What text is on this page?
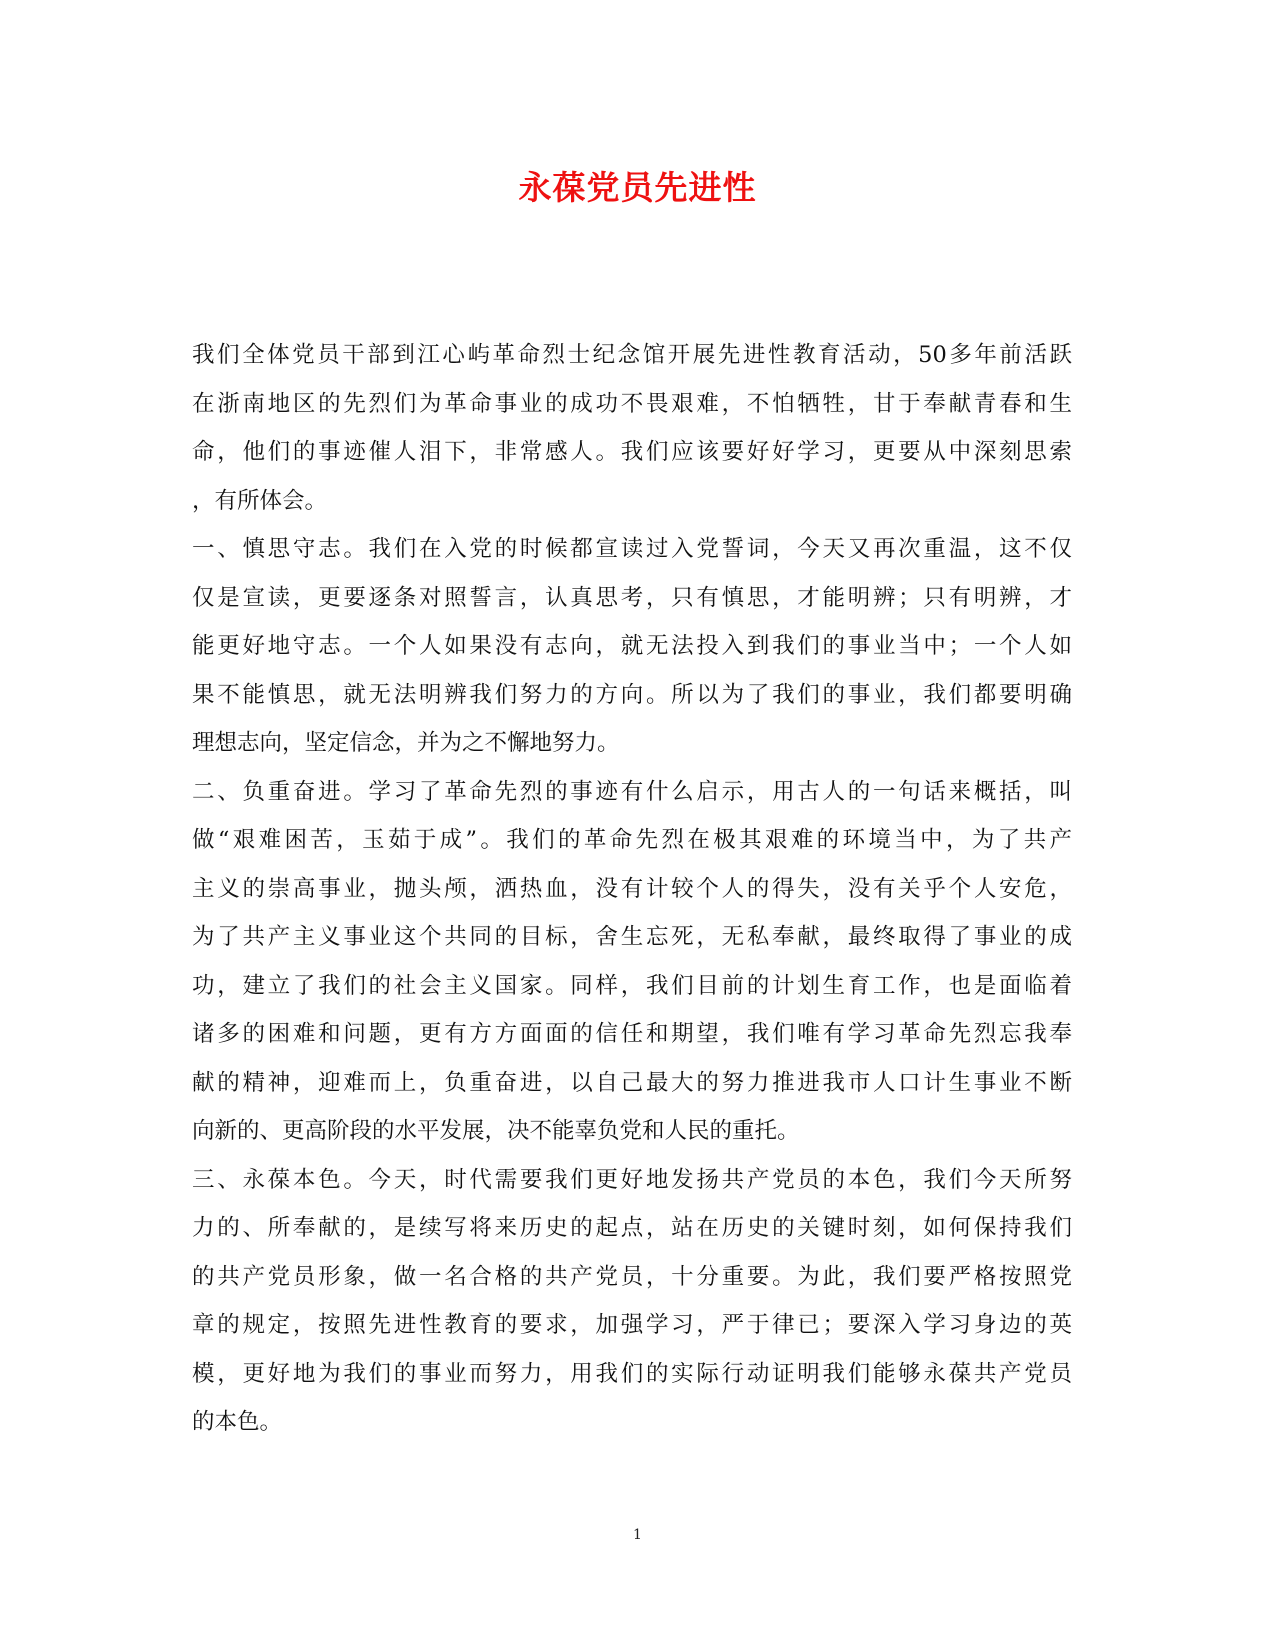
永葆党员先进性
我们全体党员干部到江心屿革命烈士纪念馆开展先进性教育活动，50多年前活跃
在浙南地区的先烈们为革命事业的成功不畏艰难，不怕牺牲，甘于奉献青春和生
命，他们的事迹催人泪下，非常感人。我们应该要好好学习，更要从中深刻思索
，有所体会。
一、慎思守志。我们在入党的时候都宣读过入党誓词，今天又再次重温，这不仅
仅是宣读，更要逐条对照誓言，认真思考，只有慎思，才能明辨；只有明辨，才
能更好地守志。一个人如果没有志向，就无法投入到我们的事业当中；一个人如
果不能慎思，就无法明辨我们努力的方向。所以为了我们的事业，我们都要明确
理想志向，坚定信念，并为之不懈地努力。
二、负重奋进。学习了革命先烈的事迹有什么启示，用古人的一句话来概括，叫
做“艰难困苦，玉茹于成”。我们的革命先烈在极其艰难的环境当中，为了共产
主义的崇高事业，抛头颅，洒热血，没有计较个人的得失，没有关乎个人安危，
为了共产主义事业这个共同的目标，舍生忘死，无私奉献，最终取得了事业的成
功，建立了我们的社会主义国家。同样，我们目前的计划生育工作，也是面临着
诸多的困难和问题，更有方方面面的信任和期望，我们唯有学习革命先烈忘我奉
献的精神，迎难而上，负重奋进，以自己最大的努力推进我市人口计生事业不断
向新的、更高阶段的水平发展，决不能辜负党和人民的重托。
三、永葆本色。今天，时代需要我们更好地发扬共产党员的本色，我们今天所努
力的、所奉献的，是续写将来历史的起点，站在历史的关键时刻，如何保持我们
的共产党员形象，做一名合格的共产党员，十分重要。为此，我们要严格按照党
章的规定，按照先进性教育的要求，加强学习，严于律已；要深入学习身边的英
模，更好地为我们的事业而努力，用我们的实际行动证明我们能够永葆共产党员
的本色。
1
